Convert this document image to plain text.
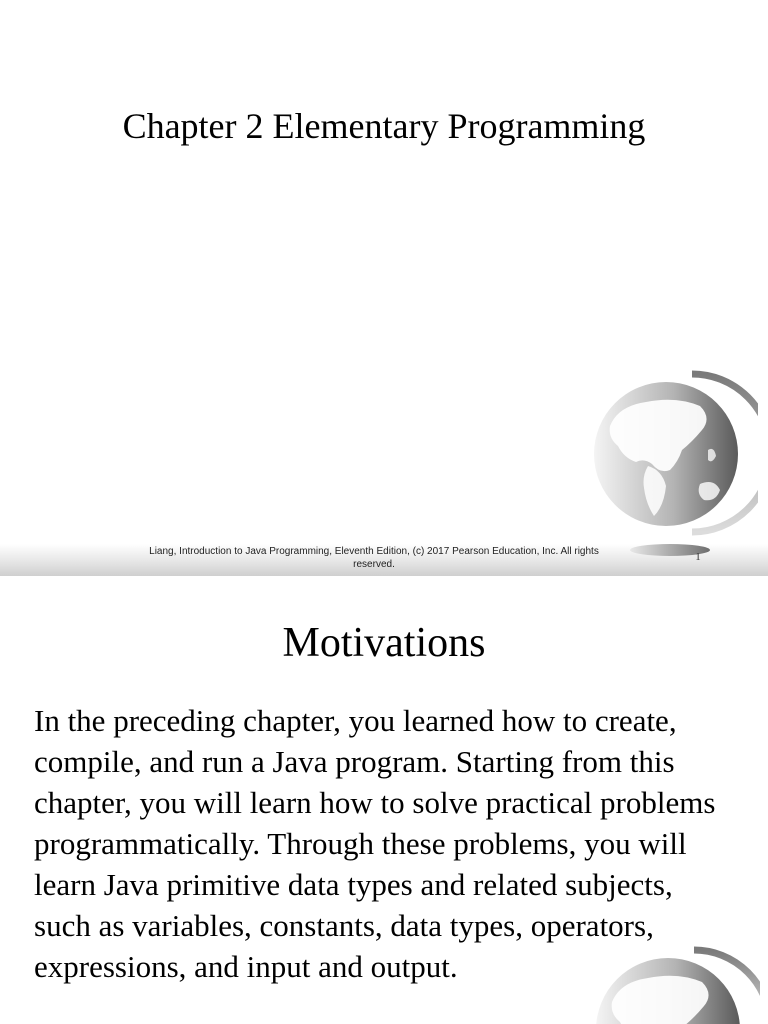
Chapter 2 Elementary Programming
Liang, Introduction to Java Programming, Eleventh Edition, (c) 2017 Pearson Education, Inc. All rights reserved.
1
Motivations

In the preceding chapter, you learned how to create, compile, and run a Java program. Starting from this chapter, you will learn how to solve practical problems programmatically. Through these problems, you will learn Java primitive data types and related subjects, such as variables, constants, data types, operators, expressions, and input and output.
